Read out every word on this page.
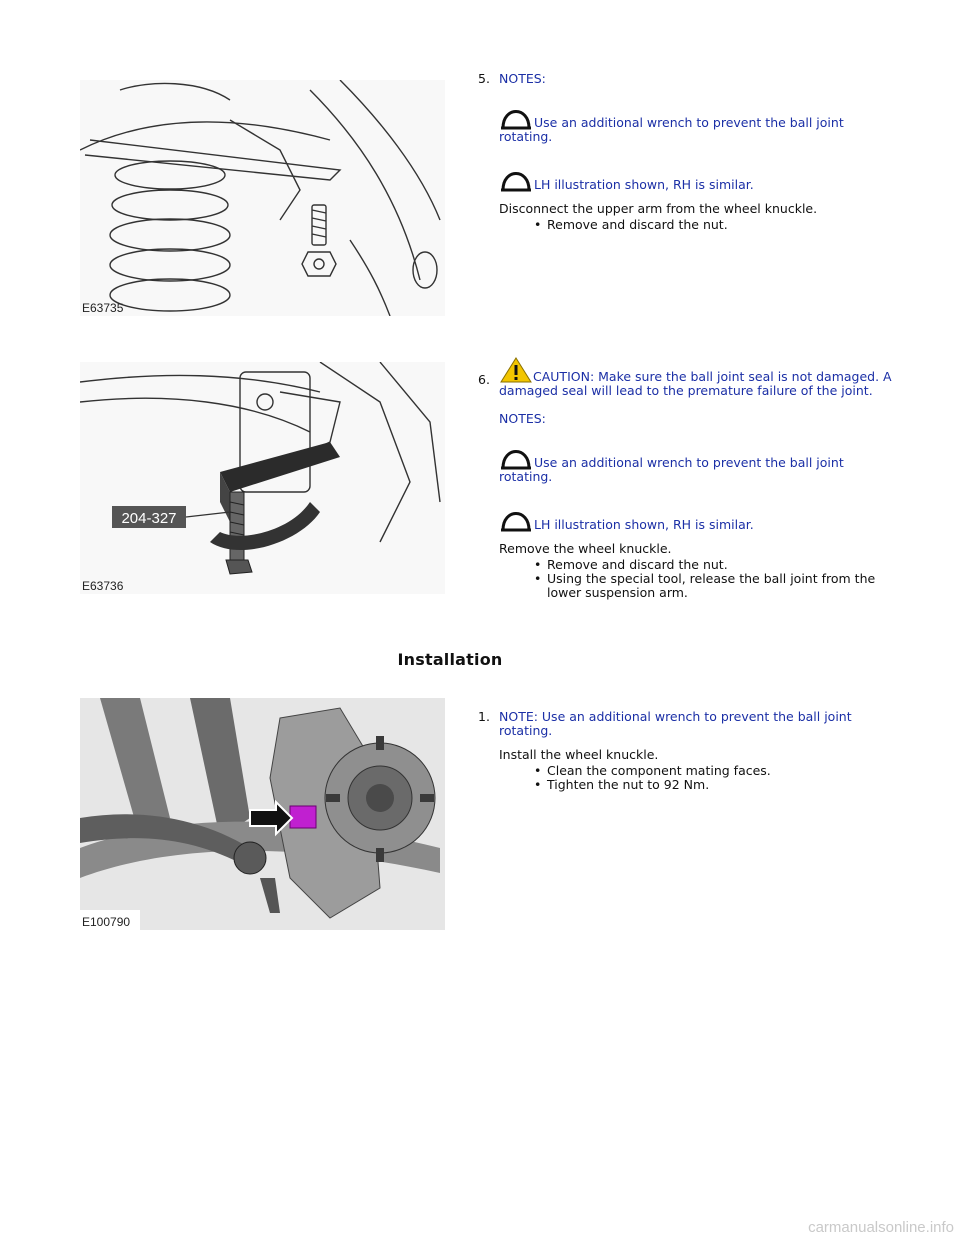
E63735
5. NOTES:
Use an additional wrench to prevent the ball joint rotating.
LH illustration shown, RH is similar.
Disconnect the upper arm from the wheel knuckle.
• Remove and discard the nut.
204-327
E63736
6.	CAUTION: Make sure the ball joint seal is not damaged. A damaged seal will lead to the premature failure of the joint.
NOTES:
Use an additional wrench to prevent the ball joint rotating.
LH illustration shown, RH is similar.
Remove the wheel knuckle.
• Remove and discard the nut.
• Using the special tool, release the ball joint from the lower suspension arm.
Installation
E100790
1. NOTE: Use an additional wrench to prevent the ball joint rotating.
Install the wheel knuckle.
• Clean the component mating faces.
• Tighten the nut to 92 Nm.
carmanualsonline.info
